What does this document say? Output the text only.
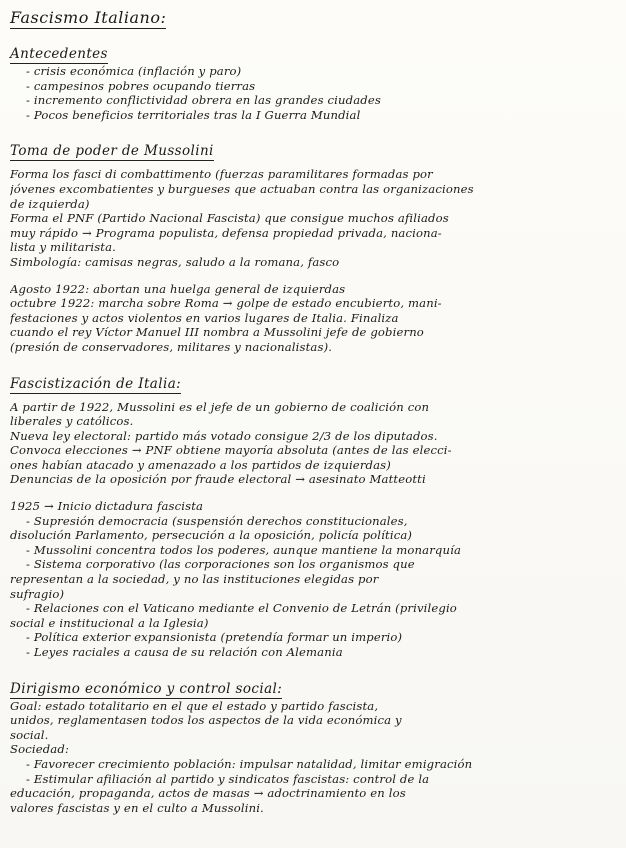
Fascismo Italiano:
Antecedentes
- crisis económica (inflación y paro)
- campesinos pobres ocupando tierras
- incremento conflictividad obrera en las grandes ciudades
- Pocos beneficios territoriales tras la I Guerra Mundial
Toma de poder de Mussolini
Forma los fasci di combattimento (fuerzas paramilitares formadas por
jóvenes excombatientes y burgueses que actuaban contra las organizaciones
de izquierda)
Forma el PNF (Partido Nacional Fascista) que consigue muchos afiliados
muy rápido → Programa populista, defensa propiedad privada, naciona-
lista y militarista.
Simbología: camisas negras, saludo a la romana, fasco
Agosto 1922: abortan una huelga general de izquierdas
octubre 1922: marcha sobre Roma → golpe de estado encubierto, mani-
festaciones y actos violentos en varios lugares de Italia. Finaliza
cuando el rey Víctor Manuel III nombra a Mussolini jefe de gobierno
(presión de conservadores, militares y nacionalistas).
Fascistización de Italia:
A partir de 1922, Mussolini es el jefe de un gobierno de coalición con
liberales y católicos.
Nueva ley electoral: partido más votado consigue 2/3 de los diputados.
Convoca elecciones → PNF obtiene mayoría absoluta (antes de las elecci-
ones habían atacado y amenazado a los partidos de izquierdas)
Denuncias de la oposición por fraude electoral → asesinato Matteotti
1925 → Inicio dictadura fascista
- Supresión democracia (suspensión derechos constitucionales,
disolución Parlamento, persecución a la oposición, policía política)
- Mussolini concentra todos los poderes, aunque mantiene la monarquía
- Sistema corporativo (las corporaciones son los organismos que
representan a la sociedad, y no las instituciones elegidas por
sufragio)
- Relaciones con el Vaticano mediante el Convenio de Letrán (privilegio
social e institucional a la Iglesia)
- Política exterior expansionista (pretendía formar un imperio)
- Leyes raciales a causa de su relación con Alemania
Dirigismo económico y control social:
Goal: estado totalitario en el que el estado y partido fascista,
unidos, reglamentasen todos los aspectos de la vida económica y
social.
Sociedad:
- Favorecer crecimiento población: impulsar natalidad, limitar emigración
- Estimular afiliación al partido y sindicatos fascistas: control de la
educación, propaganda, actos de masas → adoctrinamiento en los
valores fascistas y en el culto a Mussolini.
